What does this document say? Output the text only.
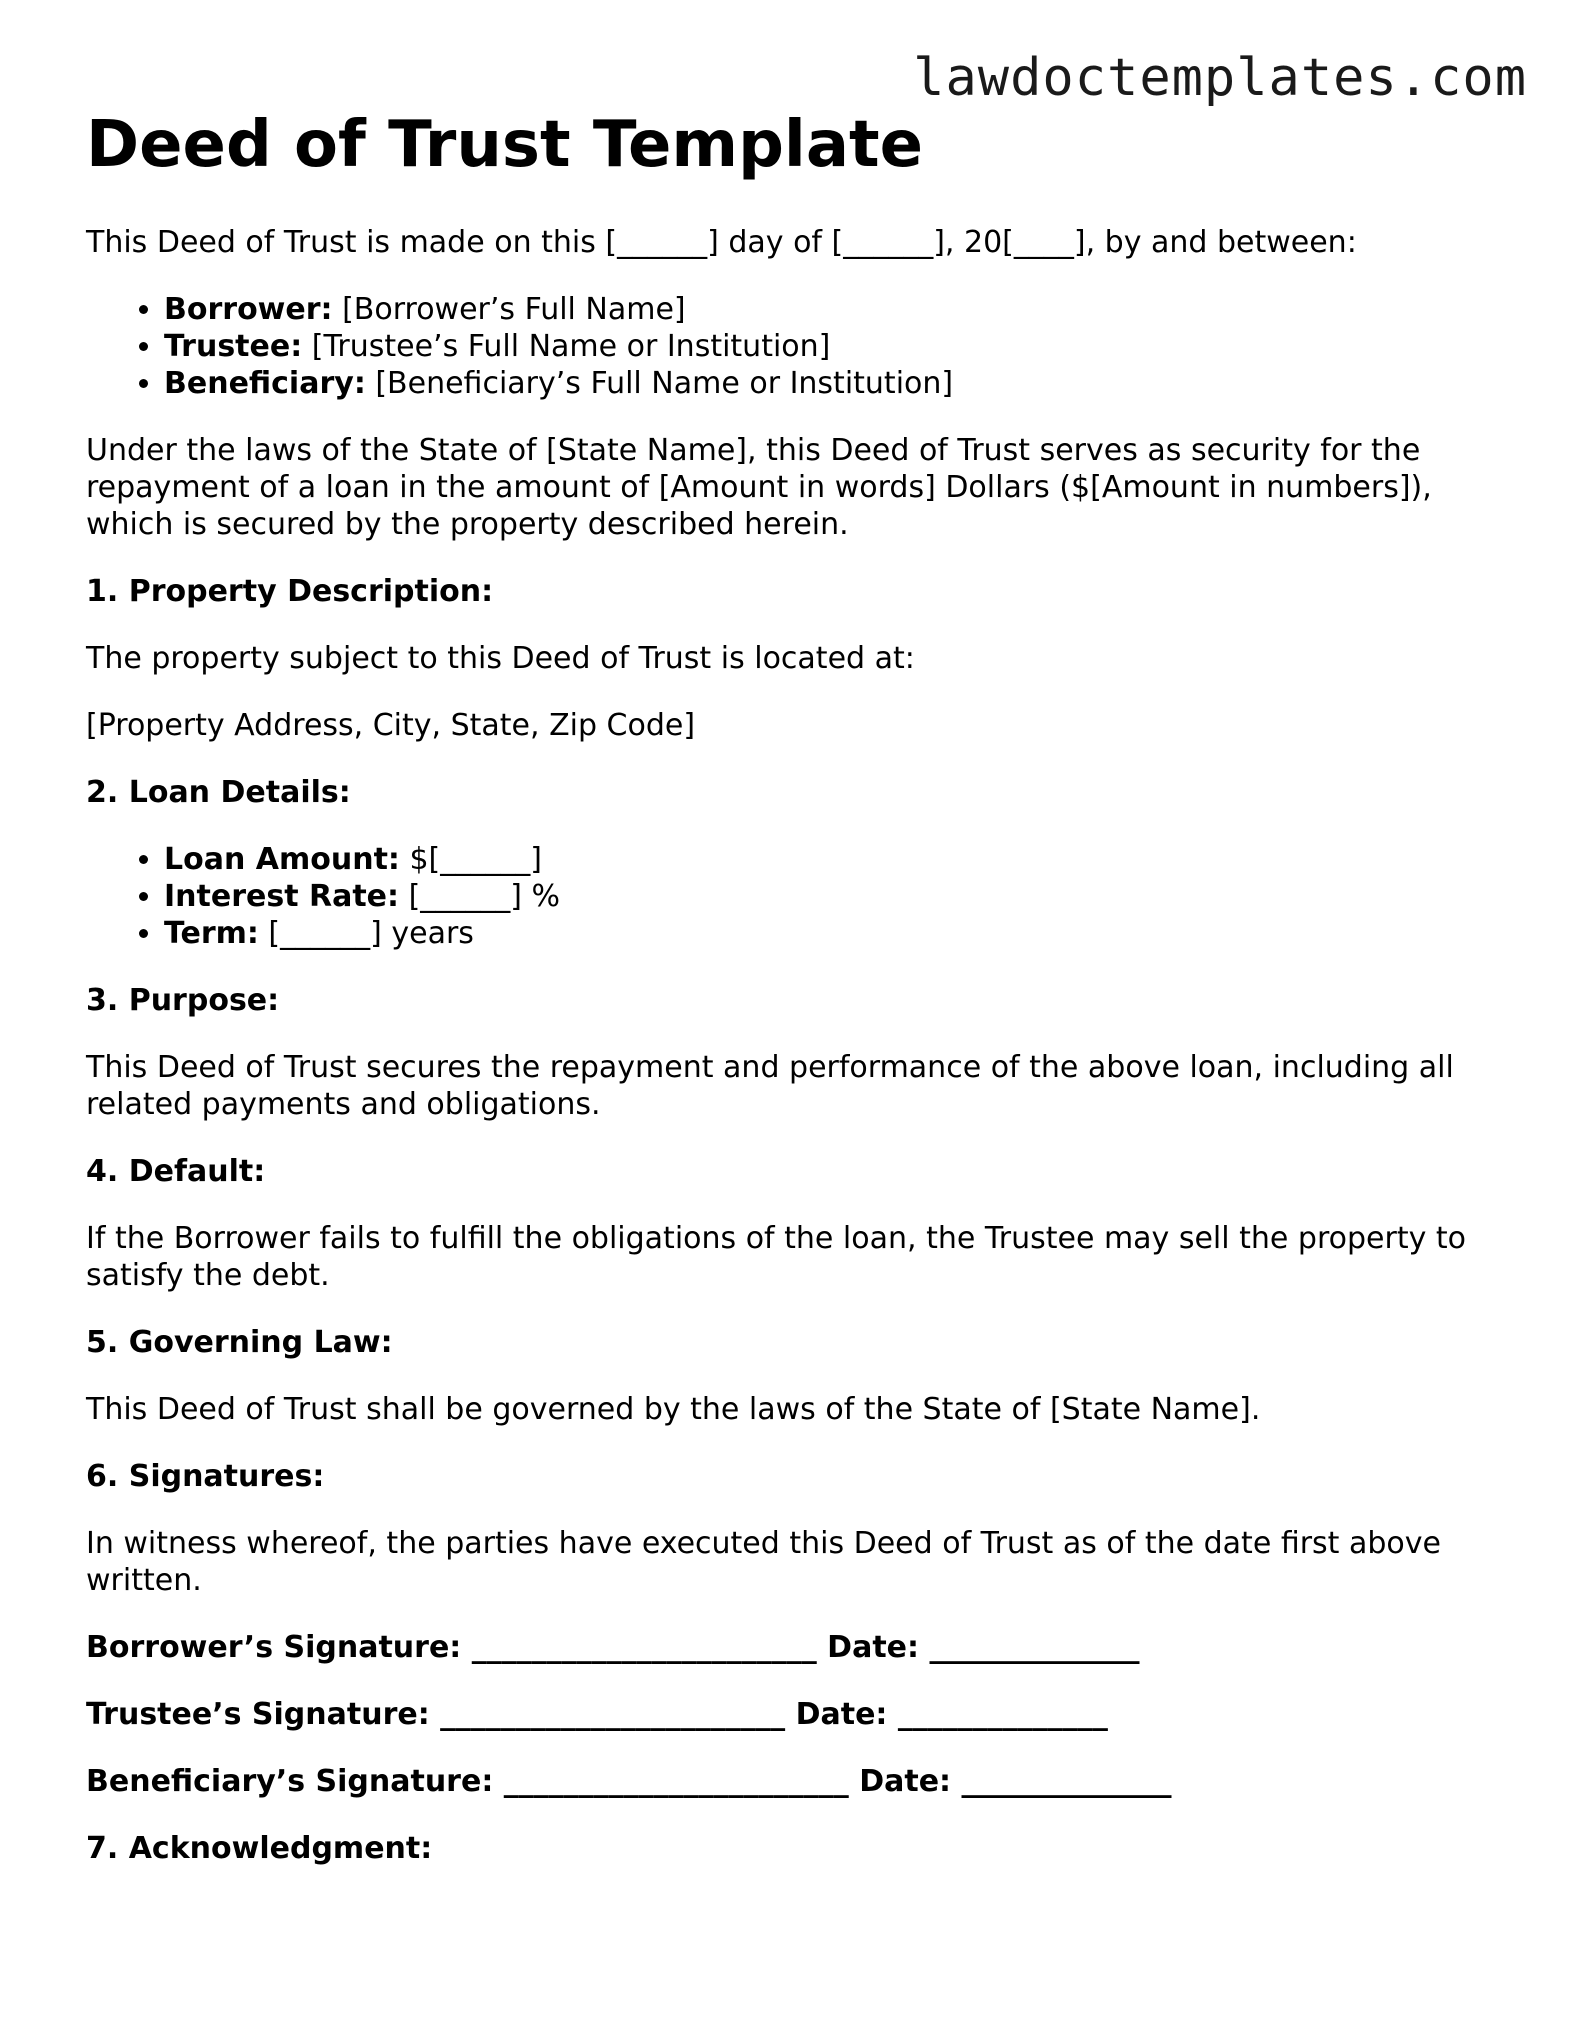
lawdoctemplates.com
Deed of Trust Template

This Deed of Trust is made on this [______] day of [______], 20[____], by and between:

• Borrower: [Borrower’s Full Name]
• Trustee: [Trustee’s Full Name or Institution]
• Beneficiary: [Beneficiary’s Full Name or Institution]

Under the laws of the State of [State Name], this Deed of Trust serves as security for the repayment of a loan in the amount of [Amount in words] Dollars ($[Amount in numbers]), which is secured by the property described herein.

1. Property Description:

The property subject to this Deed of Trust is located at:

[Property Address, City, State, Zip Code]

2. Loan Details:

• Loan Amount: $[______]
• Interest Rate: [______] %
• Term: [______] years

3. Purpose:

This Deed of Trust secures the repayment and performance of the above loan, including all related payments and obligations.

4. Default:

If the Borrower fails to fulfill the obligations of the loan, the Trustee may sell the property to satisfy the debt.

5. Governing Law:

This Deed of Trust shall be governed by the laws of the State of [State Name].

6. Signatures:

In witness whereof, the parties have executed this Deed of Trust as of the date first above written.

Borrower’s Signature: _______________________ Date: ______________

Trustee’s Signature: _______________________ Date: ______________

Beneficiary’s Signature: _______________________ Date: ______________

7. Acknowledgment:
